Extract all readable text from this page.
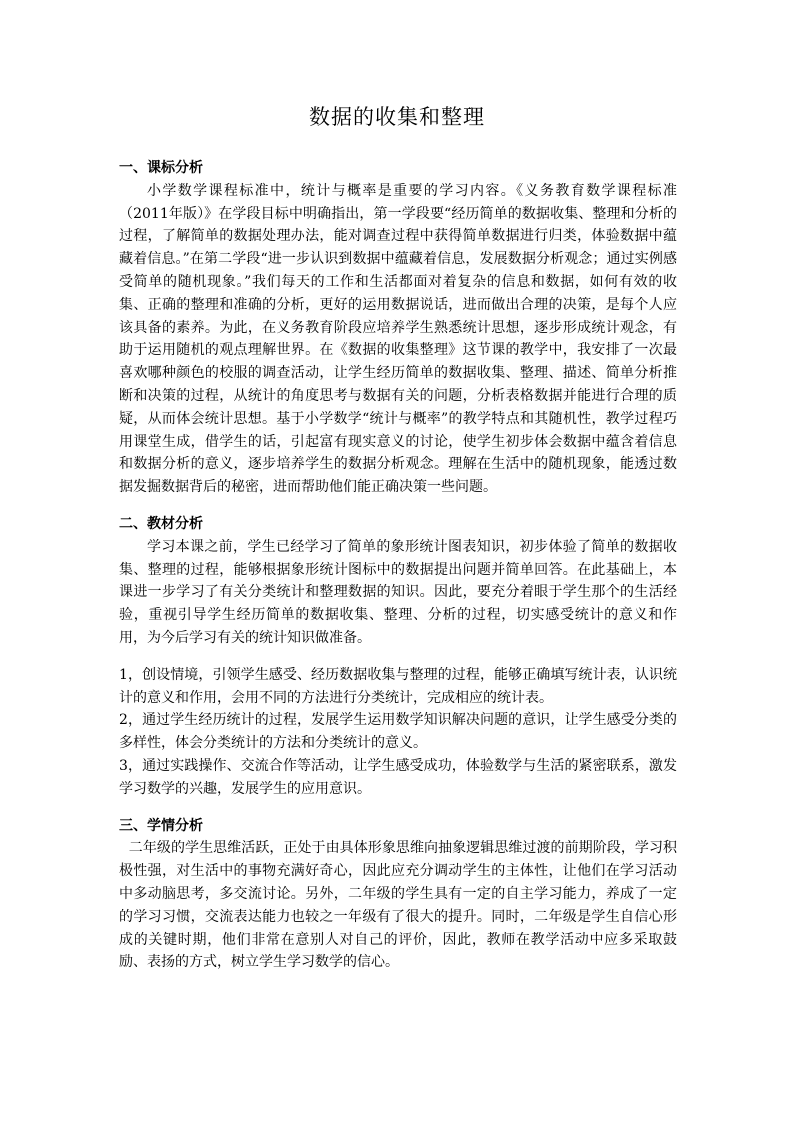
数据的收集和整理

一、课标分析

小学数学课程标准中，统计与概率是重要的学习内容。《义务教育数学课程标准（2011年版）》在学段目标中明确指出，第一学段要“经历简单的数据收集、整理和分析的过程，了解简单的数据处理办法，能对调查过程中获得简单数据进行归类，体验数据中蕴藏着信息。”在第二学段“进一步认识到数据中蕴藏着信息，发展数据分析观念；通过实例感受简单的随机现象。”我们每天的工作和生活都面对着复杂的信息和数据，如何有效的收集、正确的整理和准确的分析，更好的运用数据说话，进而做出合理的决策，是每个人应该具备的素养。为此，在义务教育阶段应培养学生熟悉统计思想，逐步形成统计观念，有助于运用随机的观点理解世界。在《数据的收集整理》这节课的教学中，我安排了一次最喜欢哪种颜色的校服的调查活动，让学生经历简单的数据收集、整理、描述、简单分析推断和决策的过程，从统计的角度思考与数据有关的问题，分析表格数据并能进行合理的质疑，从而体会统计思想。基于小学数学“统计与概率”的教学特点和其随机性，教学过程巧用课堂生成，借学生的话，引起富有现实意义的讨论，使学生初步体会数据中蕴含着信息和数据分析的意义，逐步培养学生的数据分析观念。理解在生活中的随机现象，能透过数据发掘数据背后的秘密，进而帮助他们能正确决策一些问题。

二、教材分析

学习本课之前，学生已经学习了简单的象形统计图表知识，初步体验了简单的数据收集、整理的过程，能够根据象形统计图标中的数据提出问题并简单回答。在此基础上，本课进一步学习了有关分类统计和整理数据的知识。因此，要充分着眼于学生那个的生活经验，重视引导学生经历简单的数据收集、整理、分析的过程，切实感受统计的意义和作用，为今后学习有关的统计知识做准备。

1，创设情境，引领学生感受、经历数据收集与整理的过程，能够正确填写统计表，认识统计的意义和作用，会用不同的方法进行分类统计，完成相应的统计表。

2，通过学生经历统计的过程，发展学生运用数学知识解决问题的意识，让学生感受分类的多样性，体会分类统计的方法和分类统计的意义。

3，通过实践操作、交流合作等活动，让学生感受成功，体验数学与生活的紧密联系，激发学习数学的兴趣，发展学生的应用意识。

三、学情分析

二年级的学生思维活跃，正处于由具体形象思维向抽象逻辑思维过渡的前期阶段，学习积极性强，对生活中的事物充满好奇心，因此应充分调动学生的主体性，让他们在学习活动中多动脑思考，多交流讨论。另外，二年级的学生具有一定的自主学习能力，养成了一定的学习习惯，交流表达能力也较之一年级有了很大的提升。同时，二年级是学生自信心形成的关键时期，他们非常在意别人对自己的评价，因此，教师在教学活动中应多采取鼓励、表扬的方式，树立学生学习数学的信心。
